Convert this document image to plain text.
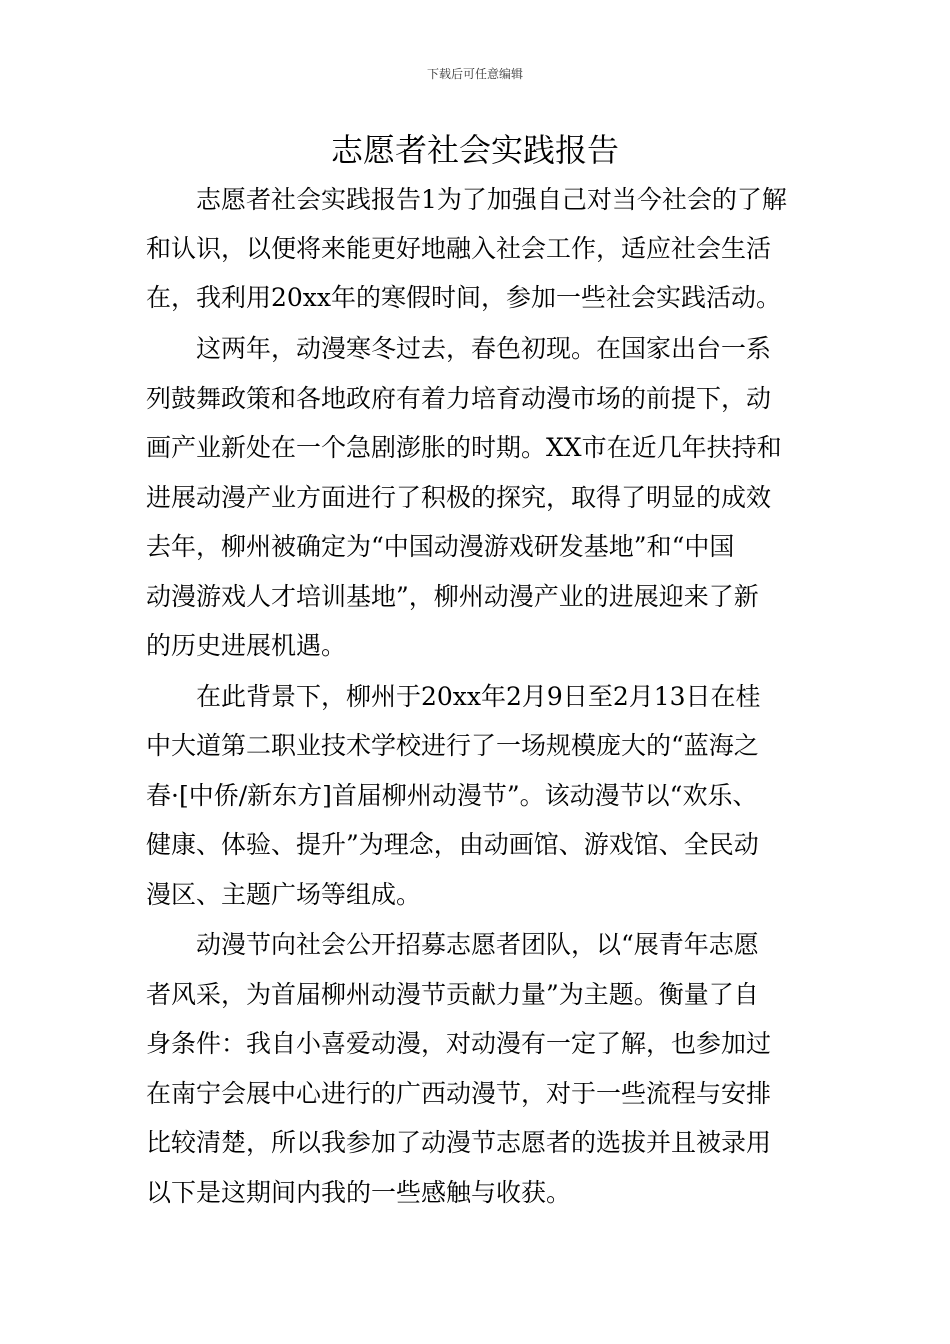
下载后可任意编辑
志愿者社会实践报告
志愿者社会实践报告1为了加强自己对当今社会的了解
和认识，以便将来能更好地融入社会工作，适应社会生活
在，我利用20xx年的寒假时间，参加一些社会实践活动。
这两年，动漫寒冬过去，春色初现。在国家出台一系
列鼓舞政策和各地政府有着力培育动漫市场的前提下，动
画产业新处在一个急剧澎胀的时期。XX市在近几年扶持和
进展动漫产业方面进行了积极的探究，取得了明显的成效
去年，柳州被确定为“中国动漫游戏研发基地”和“中国
动漫游戏人才培训基地”，柳州动漫产业的进展迎来了新
的历史进展机遇。
在此背景下，柳州于20xx年2月9日至2月13日在桂
中大道第二职业技术学校进行了一场规模庞大的“蓝海之
春·[中侨/新东方]首届柳州动漫节”。该动漫节以“欢乐、
健康、体验、提升”为理念，由动画馆、游戏馆、全民动
漫区、主题广场等组成。
动漫节向社会公开招募志愿者团队，以“展青年志愿
者风采，为首届柳州动漫节贡献力量”为主题。衡量了自
身条件：我自小喜爱动漫，对动漫有一定了解，也参加过
在南宁会展中心进行的广西动漫节，对于一些流程与安排
比较清楚，所以我参加了动漫节志愿者的选拔并且被录用
以下是这期间内我的一些感触与收获。
